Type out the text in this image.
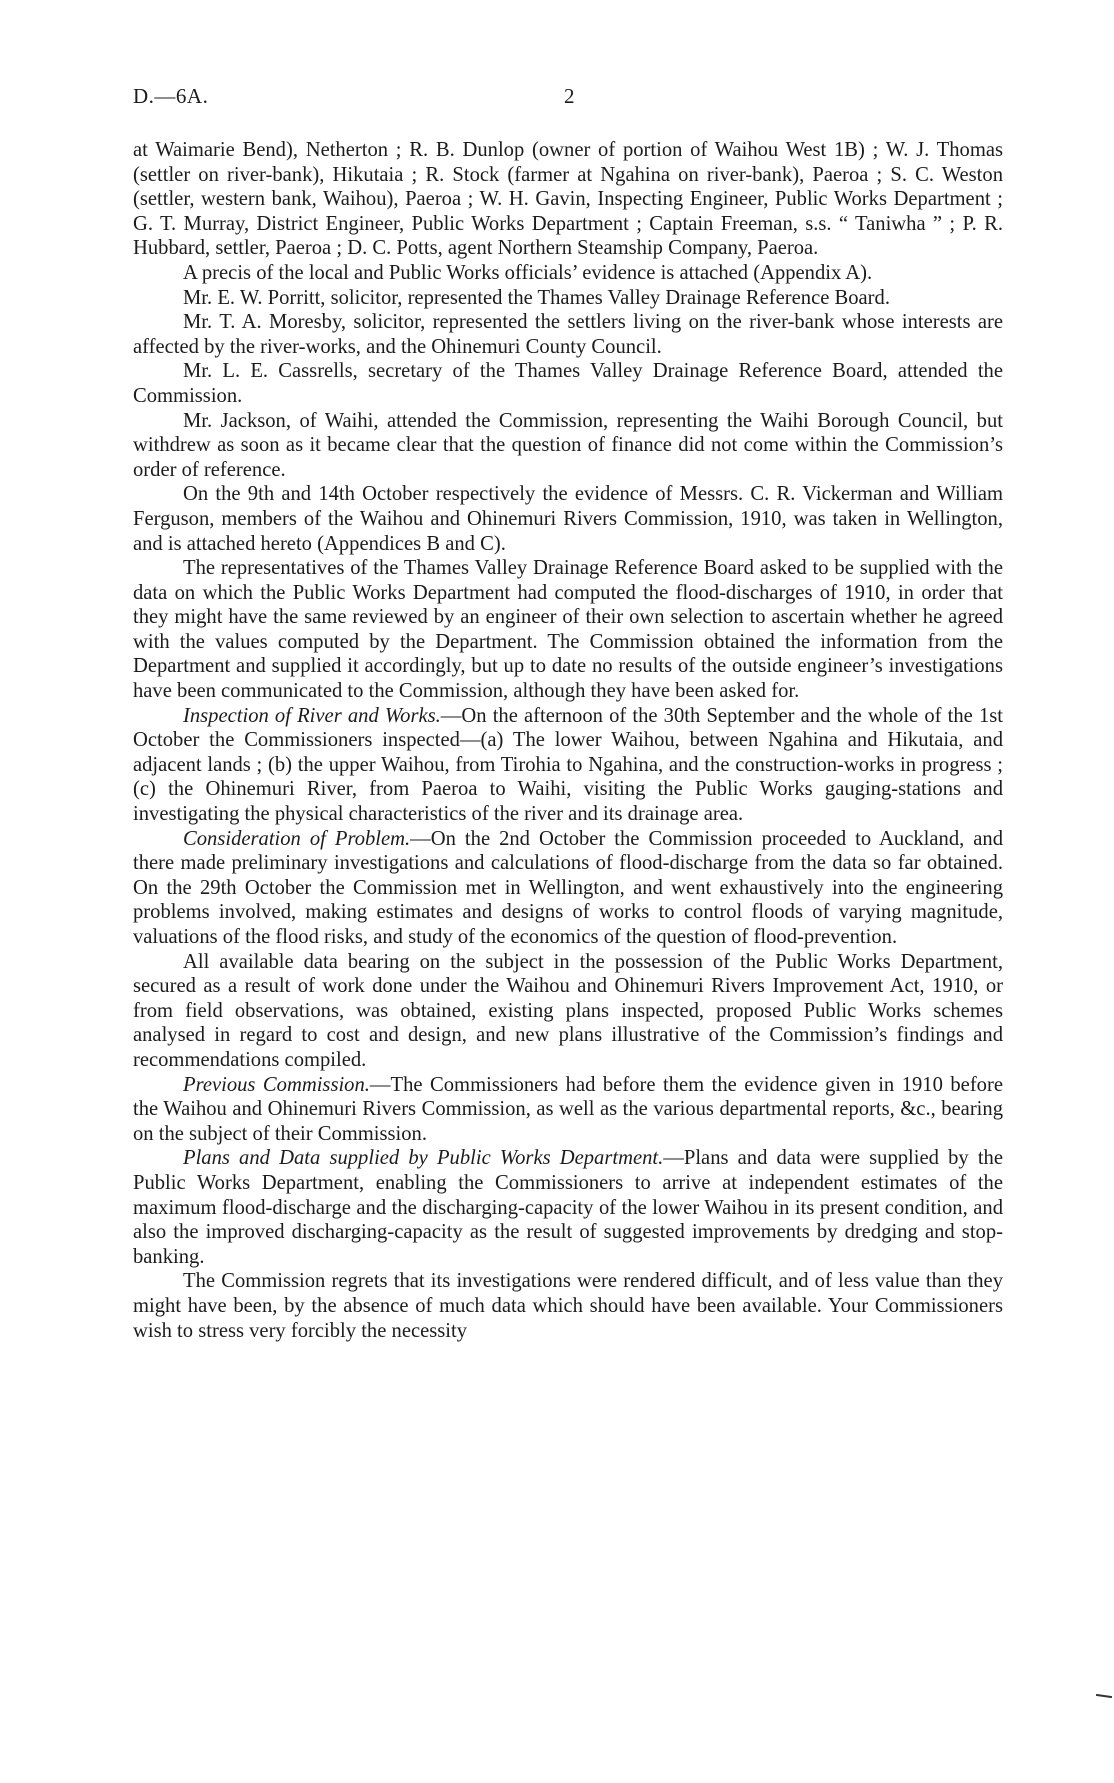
D.—6A.	2

at Waimarie Bend), Netherton ; R. B. Dunlop (owner of portion of Waihou West 1B) ; W. J. Thomas (settler on river-bank), Hikutaia ; R. Stock (farmer at Ngahina on river-bank), Paeroa ; S. C. Weston (settler, western bank, Waihou), Paeroa ; W. H. Gavin, Inspecting Engineer, Public Works Department ; G. T. Murray, District Engineer, Public Works Department ; Captain Freeman, s.s. “ Taniwha ” ; P. R. Hubbard, settler, Paeroa ; D. C. Potts, agent Northern Steamship Company, Paeroa.

A precis of the local and Public Works officials’ evidence is attached (Appendix A).

Mr. E. W. Porritt, solicitor, represented the Thames Valley Drainage Reference Board.

Mr. T. A. Moresby, solicitor, represented the settlers living on the river-bank whose interests are affected by the river-works, and the Ohinemuri County Council.

Mr. L. E. Cassrells, secretary of the Thames Valley Drainage Reference Board, attended the Commission.

Mr. Jackson, of Waihi, attended the Commission, representing the Waihi Borough Council, but withdrew as soon as it became clear that the question of finance did not come within the Commission’s order of reference.

On the 9th and 14th October respectively the evidence of Messrs. C. R. Vickerman and William Ferguson, members of the Waihou and Ohinemuri Rivers Commission, 1910, was taken in Wellington, and is attached hereto (Appendices B and C).

The representatives of the Thames Valley Drainage Reference Board asked to be supplied with the data on which the Public Works Department had computed the flood-discharges of 1910, in order that they might have the same reviewed by an engineer of their own selection to ascertain whether he agreed with the values computed by the Department. The Commission obtained the information from the Department and supplied it accordingly, but up to date no results of the outside engineer’s investigations have been communicated to the Commission, although they have been asked for.

Inspection of River and Works.—On the afternoon of the 30th September and the whole of the 1st October the Commissioners inspected—(a) The lower Waihou, between Ngahina and Hikutaia, and adjacent lands ; (b) the upper Waihou, from Tirohia to Ngahina, and the construction-works in progress ; (c) the Ohinemuri River, from Paeroa to Waihi, visiting the Public Works gauging-stations and investigating the physical characteristics of the river and its drainage area.

Consideration of Problem.—On the 2nd October the Commission proceeded to Auckland, and there made preliminary investigations and calculations of flood-discharge from the data so far obtained. On the 29th October the Commission met in Wellington, and went exhaustively into the engineering problems involved, making estimates and designs of works to control floods of varying magnitude, valuations of the flood risks, and study of the economics of the question of flood-prevention.

All available data bearing on the subject in the possession of the Public Works Department, secured as a result of work done under the Waihou and Ohinemuri Rivers Improvement Act, 1910, or from field observations, was obtained, existing plans inspected, proposed Public Works schemes analysed in regard to cost and design, and new plans illustrative of the Commission’s findings and recommendations compiled.

Previous Commission.—The Commissioners had before them the evidence given in 1910 before the Waihou and Ohinemuri Rivers Commission, as well as the various departmental reports, &c., bearing on the subject of their Commission.

Plans and Data supplied by Public Works Department.—Plans and data were supplied by the Public Works Department, enabling the Commissioners to arrive at independent estimates of the maximum flood-discharge and the discharging-capacity of the lower Waihou in its present condition, and also the improved discharging-capacity as the result of suggested improvements by dredging and stop-banking.

The Commission regrets that its investigations were rendered difficult, and of less value than they might have been, by the absence of much data which should have been available. Your Commissioners wish to stress very forcibly the necessity
